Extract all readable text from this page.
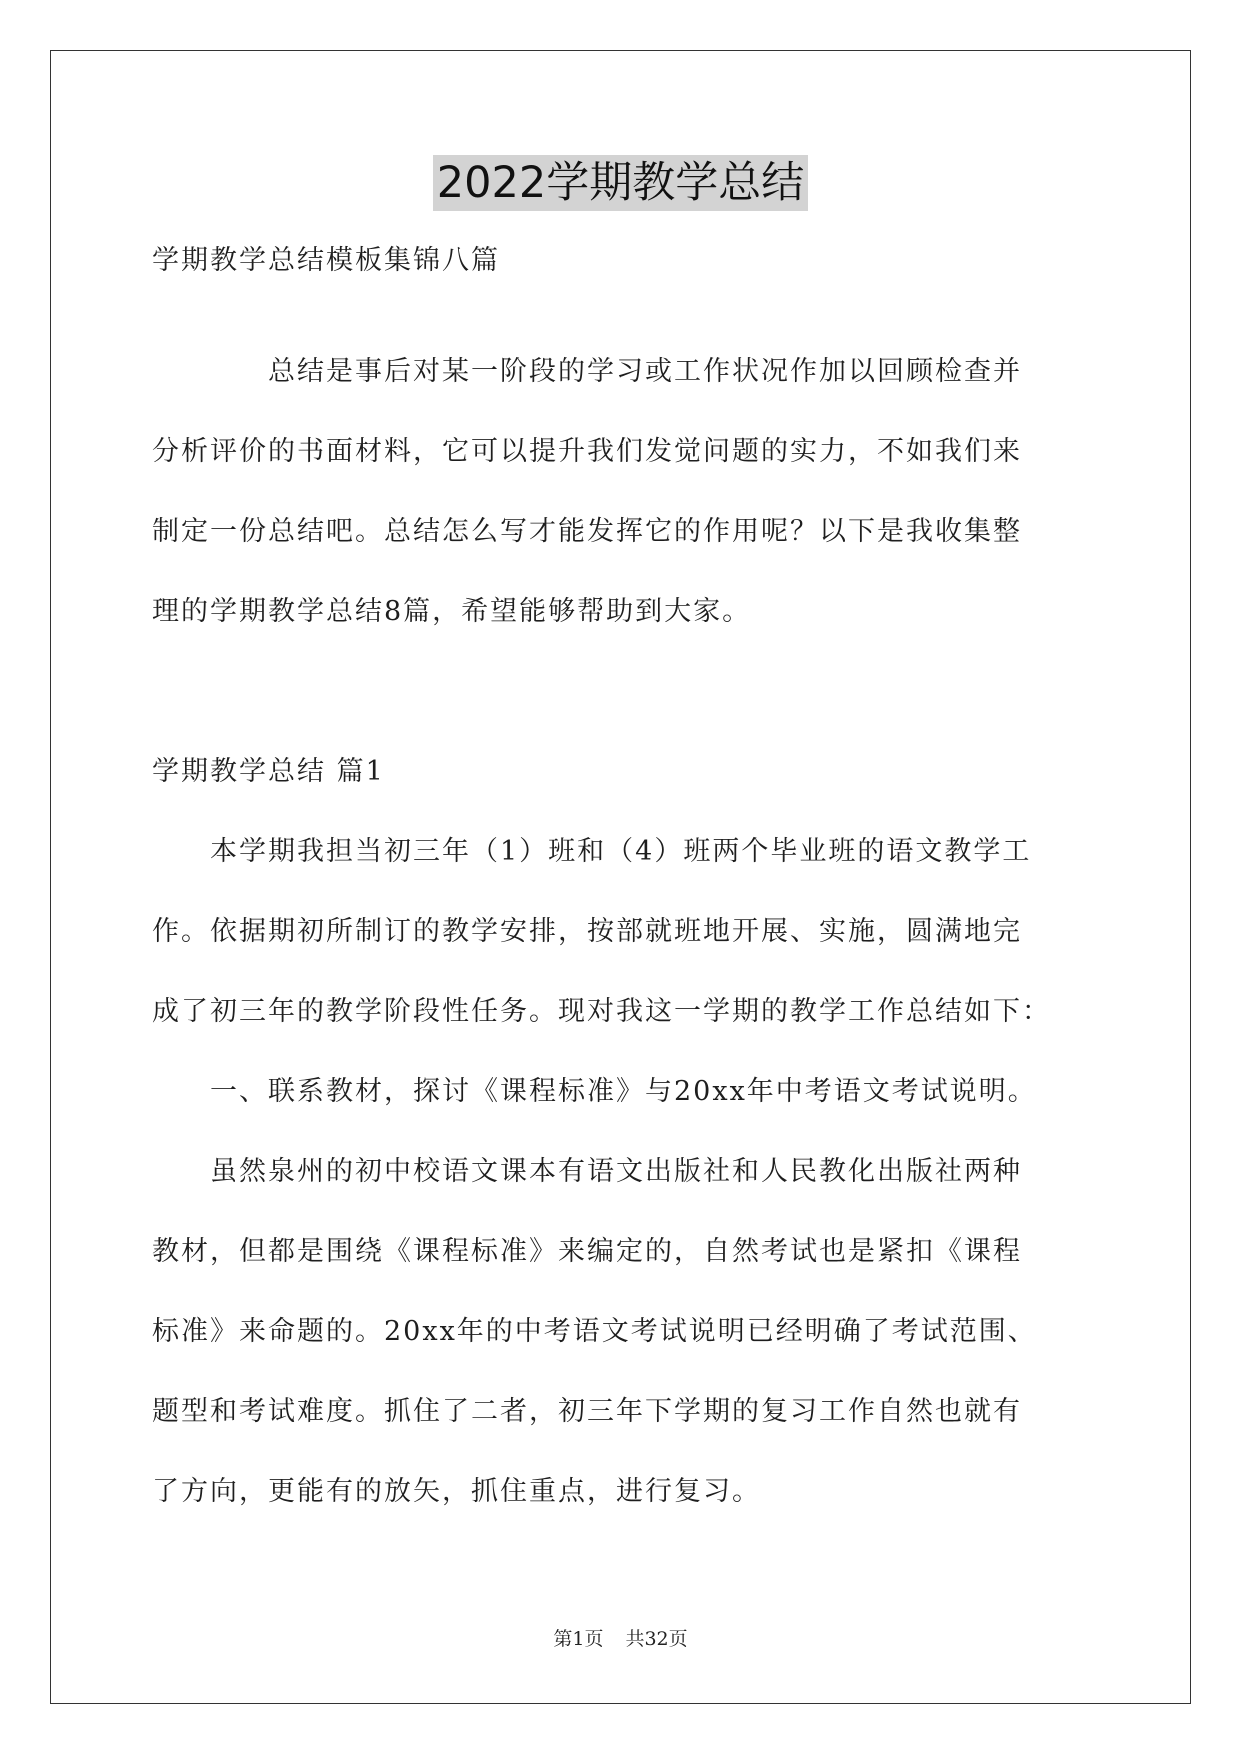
2022学期教学总结
学期教学总结模板集锦八篇
　　　　总结是事后对某一阶段的学习或工作状况作加以回顾检查并
分析评价的书面材料，它可以提升我们发觉问题的实力，不如我们来
制定一份总结吧。总结怎么写才能发挥它的作用呢？以下是我收集整
理的学期教学总结8篇，希望能够帮助到大家。
学期教学总结 篇1
　　本学期我担当初三年（1）班和（4）班两个毕业班的语文教学工
作。依据期初所制订的教学安排，按部就班地开展、实施，圆满地完
成了初三年的教学阶段性任务。现对我这一学期的教学工作总结如下：
　　一、联系教材，探讨《课程标准》与20xx年中考语文考试说明。
　　虽然泉州的初中校语文课本有语文出版社和人民教化出版社两种
教材，但都是围绕《课程标准》来编定的，自然考试也是紧扣《课程
标准》来命题的。20xx年的中考语文考试说明已经明确了考试范围、
题型和考试难度。抓住了二者，初三年下学期的复习工作自然也就有
了方向，更能有的放矢，抓住重点，进行复习。
第1页 共32页
